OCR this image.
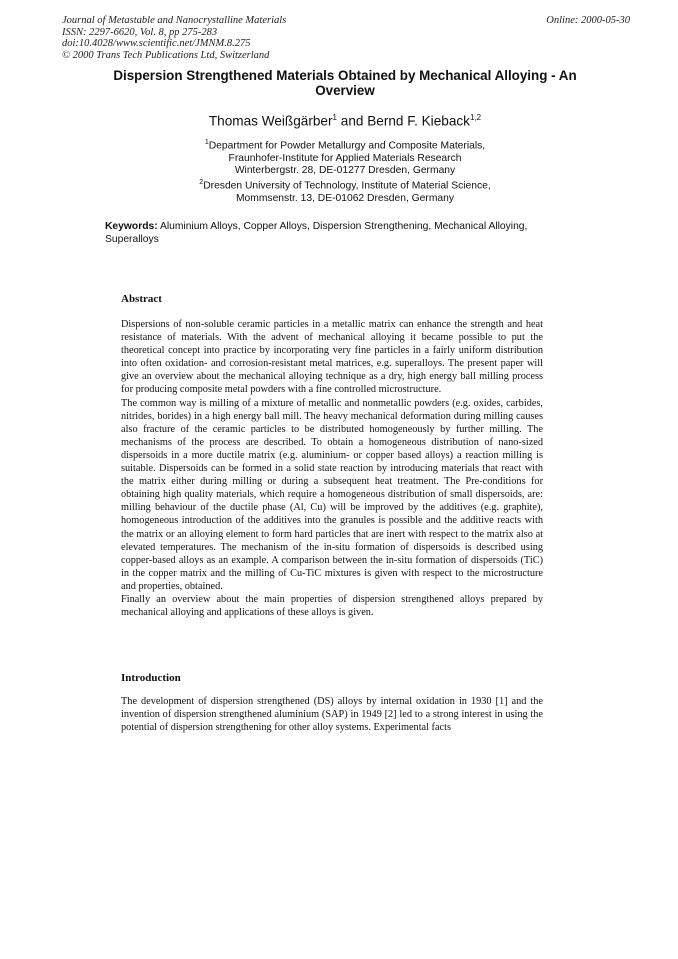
Journal of Metastable and Nanocrystalline Materials
ISSN: 2297-6620, Vol. 8, pp 275-283
doi:10.4028/www.scientific.net/JMNM.8.275
© 2000 Trans Tech Publications Ltd, Switzerland
Online: 2000-05-30
Dispersion Strengthened Materials Obtained by Mechanical Alloying - An Overview
Thomas Weißgärber$^1$ and Bernd F. Kieback$^{1,2}$
$^1$Department for Powder Metallurgy and Composite Materials,
Fraunhofer-Institute for Applied Materials Research
Winterbergstr. 28, DE-01277 Dresden, Germany
$^2$Dresden University of Technology, Institute of Material Science,
Mommsenstr. 13, DE-01062 Dresden, Germany
Keywords: Aluminium Alloys, Copper Alloys, Dispersion Strengthening, Mechanical Alloying, Superalloys
Abstract

Dispersions of non-soluble ceramic particles in a metallic matrix can enhance the strength and heat resistance of materials. With the advent of mechanical alloying it became possible to put the theoretical concept into practice by incorporating very fine particles in a fairly uniform distribution into often oxidation- and corrosion-resistant metal matrices, e.g. superalloys. The present paper will give an overview about the mechanical alloying technique as a dry, high energy ball milling process for producing composite metal powders with a fine controlled microstructure.

The common way is milling of a mixture of metallic and nonmetallic powders (e.g. oxides, carbides, nitrides, borides) in a high energy ball mill. The heavy mechanical deformation during milling causes also fracture of the ceramic particles to be distributed homogeneously by further milling. The mechanisms of the process are described. To obtain a homogeneous distribution of nano-sized dispersoids in a more ductile matrix (e.g. aluminium- or copper based alloys) a reaction milling is suitable. Dispersoids can be formed in a solid state reaction by introducing materials that react with the matrix either during milling or during a subsequent heat treatment. The Pre-conditions for obtaining high quality materials, which require a homogeneous distribution of small dispersoids, are: milling behaviour of the ductile phase (Al, Cu) will be improved by the additives (e.g. graphite), homogeneous introduction of the additives into the granules is possible and the additive reacts with the matrix or an alloying element to form hard particles that are inert with respect to the matrix also at elevated temperatures. The mechanism of the in-situ formation of dispersoids is described using copper-based alloys as an example. A comparison between the in-situ formation of dispersoids (TiC) in the copper matrix and the milling of Cu-TiC mixtures is given with respect to the microstructure and properties, obtained.

Finally an overview about the main properties of dispersion strengthened alloys prepared by mechanical alloying and applications of these alloys is given.

Introduction

The development of dispersion strengthened (DS) alloys by internal oxidation in 1930 [1] and the invention of dispersion strengthened aluminium (SAP) in 1949 [2] led to a strong interest in using the potential of dispersion strengthening for other alloy systems. Experimental facts
